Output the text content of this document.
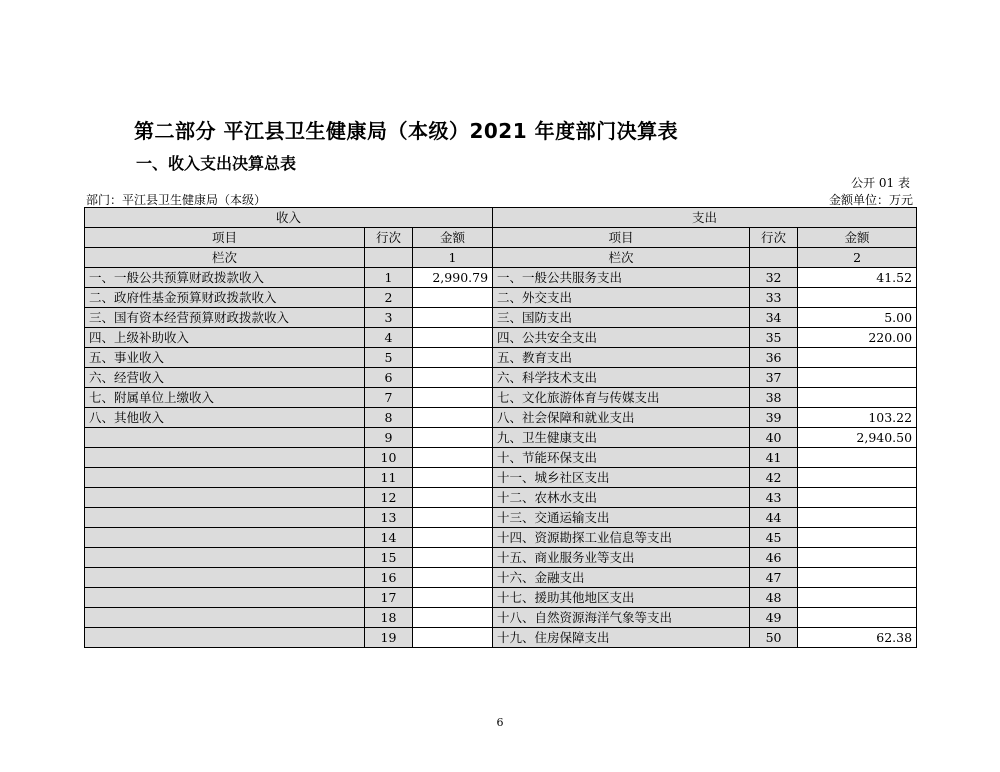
第二部分 平江县卫生健康局（本级）2021 年度部门决算表
一、收入支出决算总表
公开 01 表
部门：平江县卫生健康局（本级）	金额单位：万元
收入			支出		
项目	行次	金额	项目	行次	金额
栏次		1	栏次		2
一、一般公共预算财政拨款收入	1	2,990.79	一、一般公共服务支出	32	41.52
二、政府性基金预算财政拨款收入	2		二、外交支出	33	
三、国有资本经营预算财政拨款收入	3		三、国防支出	34	5.00
四、上级补助收入	4		四、公共安全支出	35	220.00
五、事业收入	5		五、教育支出	36	
六、经营收入	6		六、科学技术支出	37	
七、附属单位上缴收入	7		七、文化旅游体育与传媒支出	38	
八、其他收入	8		八、社会保障和就业支出	39	103.22
	9		九、卫生健康支出	40	2,940.50
	10		十、节能环保支出	41	
	11		十一、城乡社区支出	42	
	12		十二、农林水支出	43	
	13		十三、交通运输支出	44	
	14		十四、资源勘探工业信息等支出	45	
	15		十五、商业服务业等支出	46	
	16		十六、金融支出	47	
	17		十七、援助其他地区支出	48	
	18		十八、自然资源海洋气象等支出	49	
	19		十九、住房保障支出	50	62.38
6
